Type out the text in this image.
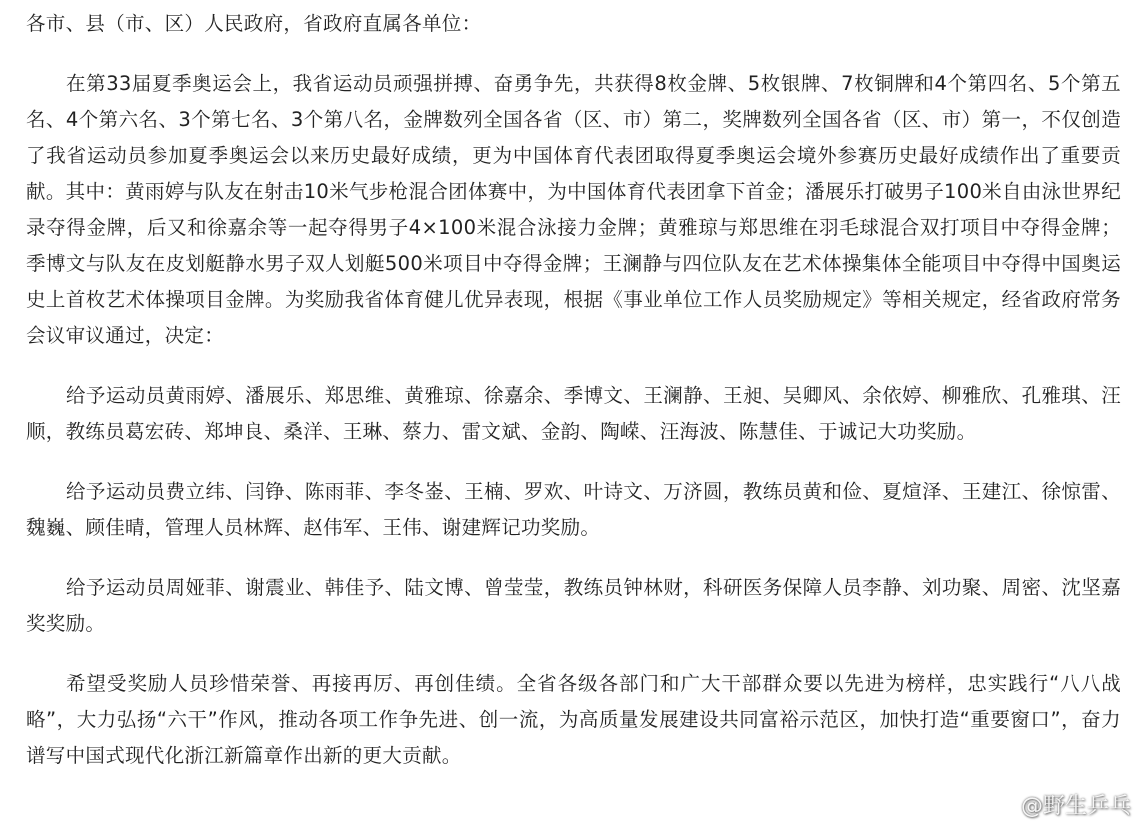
各市、县（市、区）人民政府，省政府直属各单位：

在第33届夏季奥运会上，我省运动员顽强拼搏、奋勇争先，共获得8枚金牌、5枚银牌、7枚铜牌和4个第四名、5个第五名、4个第六名、3个第七名、3个第八名，金牌数列全国各省（区、市）第二，奖牌数列全国各省（区、市）第一，不仅创造了我省运动员参加夏季奥运会以来历史最好成绩，更为中国体育代表团取得夏季奥运会境外参赛历史最好成绩作出了重要贡献。其中：黄雨婷与队友在射击10米气步枪混合团体赛中，为中国体育代表团拿下首金；潘展乐打破男子100米自由泳世界纪录夺得金牌，后又和徐嘉余等一起夺得男子4×100米混合泳接力金牌；黄雅琼与郑思维在羽毛球混合双打项目中夺得金牌；季博文与队友在皮划艇静水男子双人划艇500米项目中夺得金牌；王澜静与四位队友在艺术体操集体全能项目中夺得中国奥运史上首枚艺术体操项目金牌。为奖励我省体育健儿优异表现，根据《事业单位工作人员奖励规定》等相关规定，经省政府常务会议审议通过，决定：

给予运动员黄雨婷、潘展乐、郑思维、黄雅琼、徐嘉余、季博文、王澜静、王昶、吴卿风、余依婷、柳雅欣、孔雅琪、汪顺，教练员葛宏砖、郑坤良、桑洋、王琳、蔡力、雷文斌、金韵、陶嵘、汪海波、陈慧佳、于诚记大功奖励。

给予运动员费立纬、闫铮、陈雨菲、李冬崟、王楠、罗欢、叶诗文、万济圆，教练员黄和俭、夏煊泽、王建江、徐惊雷、魏巍、顾佳晴，管理人员林辉、赵伟军、王伟、谢建辉记功奖励。

给予运动员周娅菲、谢震业、韩佳予、陆文博、曾莹莹，教练员钟林财，科研医务保障人员李静、刘功聚、周密、沈坚嘉奖奖励。

希望受奖励人员珍惜荣誉、再接再厉、再创佳绩。全省各级各部门和广大干部群众要以先进为榜样，忠实践行“八八战略”，大力弘扬“六干”作风，推动各项工作争先进、创一流，为高质量发展建设共同富裕示范区，加快打造“重要窗口”，奋力谱写中国式现代化浙江新篇章作出新的更大贡献。

@野生乒乓
